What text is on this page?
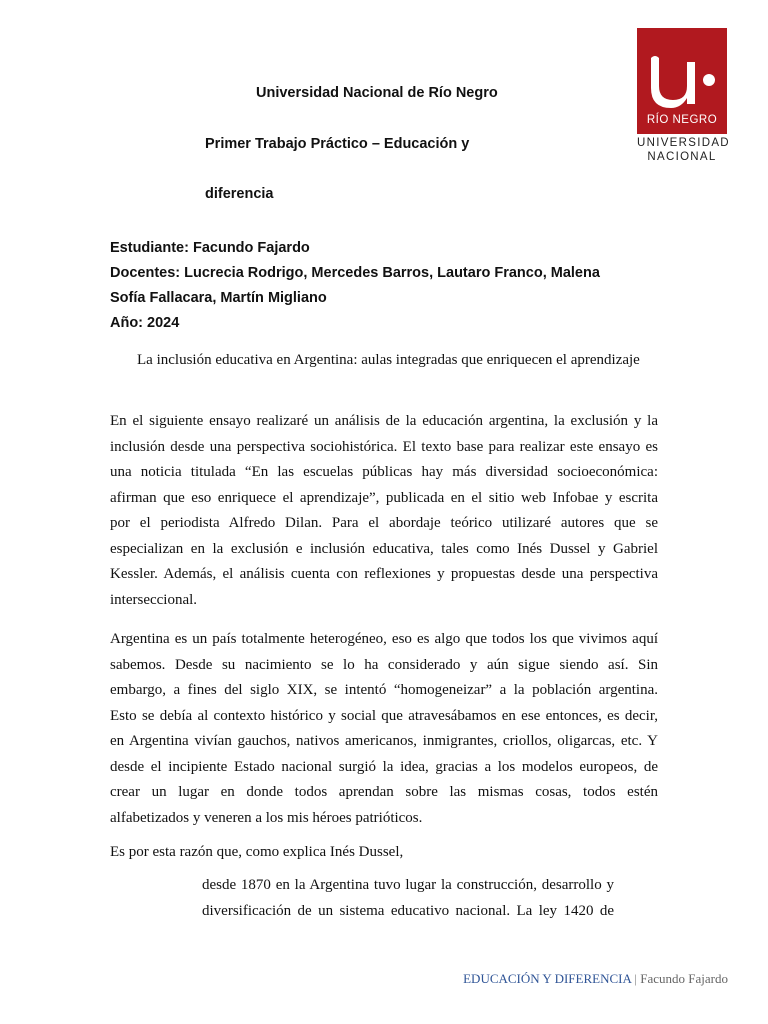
RÍO NEGRO
UNIVERSIDAD
NACIONAL
Universidad Nacional de Río Negro
Primer Trabajo Práctico – Educación y
diferencia
Estudiante: Facundo Fajardo
Docentes: Lucrecia Rodrigo, Mercedes Barros, Lautaro Franco, Malena
Sofía Fallacara, Martín Migliano
Año: 2024
La inclusión educativa en Argentina: aulas integradas que enriquecen el aprendizaje
En el siguiente ensayo realizaré un análisis de la educación argentina, la exclusión y la
inclusión desde una perspectiva sociohistórica. El texto base para realizar este ensayo es
una noticia titulada “En las escuelas públicas hay más diversidad socioeconómica:
afirman que eso enriquece el aprendizaje”, publicada en el sitio web Infobae y escrita
por el periodista Alfredo Dilan. Para el abordaje teórico utilizaré autores que se
especializan en la exclusión e inclusión educativa, tales como Inés Dussel y Gabriel
Kessler. Además, el análisis cuenta con reflexiones y propuestas desde una perspectiva
interseccional.
Argentina es un país totalmente heterogéneo, eso es algo que todos los que vivimos aquí
sabemos. Desde su nacimiento se lo ha considerado y aún sigue siendo así. Sin
embargo, a fines del siglo XIX, se intentó “homogeneizar” a la población argentina.
Esto se debía al contexto histórico y social que atravesábamos en ese entonces, es decir,
en Argentina vivían gauchos, nativos americanos, inmigrantes, criollos, oligarcas, etc. Y
desde el incipiente Estado nacional surgió la idea, gracias a los modelos europeos, de
crear un lugar en donde todos aprendan sobre las mismas cosas, todos estén
alfabetizados y veneren a los mis héroes patrióticos.
Es por esta razón que, como explica Inés Dussel,
desde 1870 en la Argentina tuvo lugar la construcción, desarrollo y
diversificación de un sistema educativo nacional. La ley 1420 de
EDUCACIÓN Y DIFERENCIA | Facundo Fajardo
